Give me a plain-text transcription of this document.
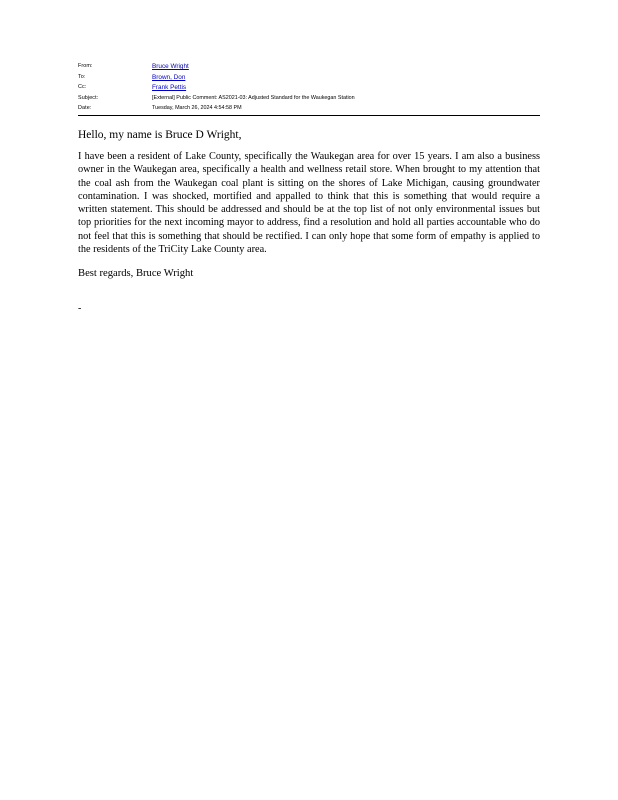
From:	Bruce Wright
To:	Brown, Don
Cc:	Frank Pettis
Subject:	[External] Public Comment: AS2021-03: Adjusted Standard for the Waukegan Station
Date:	Tuesday, March 26, 2024 4:54:58 PM
Hello, my name is Bruce D Wright,
I have been a resident of Lake County, specifically the Waukegan area for over 15 years. I am also a business owner in the Waukegan area, specifically a health and wellness retail store. When brought to my attention that the coal ash from the Waukegan coal plant is sitting on the shores of Lake Michigan, causing groundwater contamination. I was shocked, mortified and appalled to think that this is something that would require a written statement. This should be addressed and should be at the top list of not only environmental issues but top priorities for the next incoming mayor to address, find a resolution and hold all parties accountable who do not feel that this is something that should be rectified. I can only hope that some form of empathy is applied to the residents of the TriCity Lake County area.
Best regards, Bruce Wright
-
